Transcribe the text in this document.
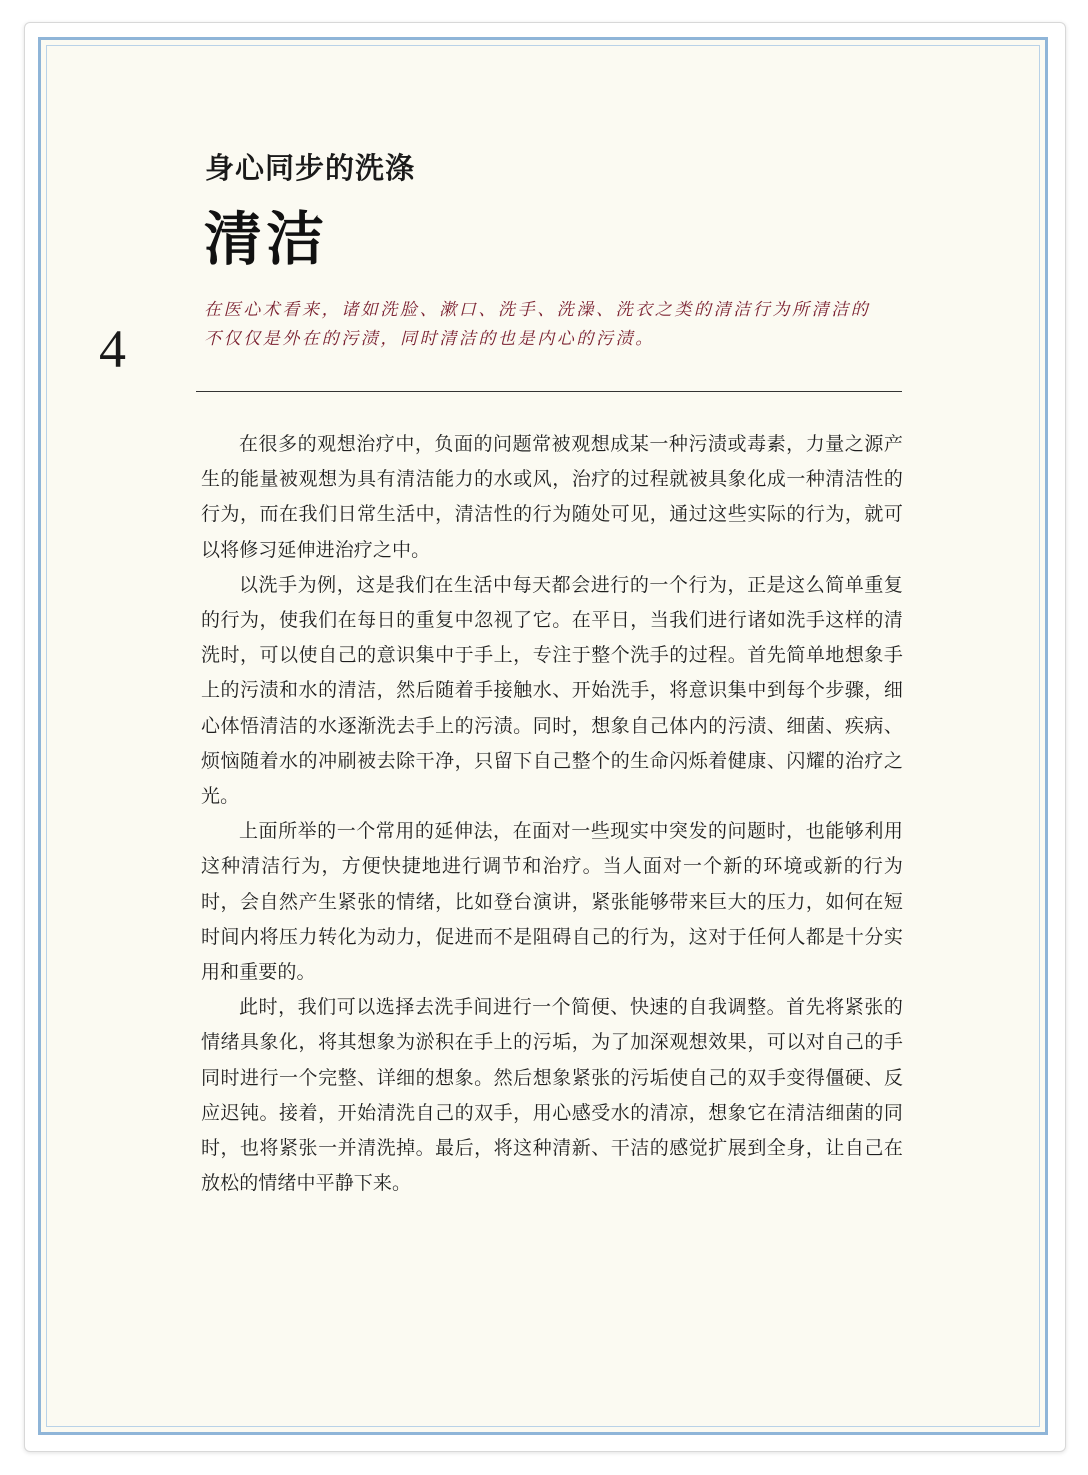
身心同步的洗涤
清洁
4

在医心术看来，诸如洗脸、漱口、洗手、洗澡、洗衣之类的清洁行为所清洁的

不仅仅是外在的污渍，同时清洁的也是内心的污渍。

在很多的观想治疗中，负面的问题常被观想成某一种污渍或毒素，力量之源产生的能量被观想为具有清洁能力的水或风，治疗的过程就被具象化成一种清洁性的行为，而在我们日常生活中，清洁性的行为随处可见，通过这些实际的行为，就可以将修习延伸进治疗之中。

以洗手为例，这是我们在生活中每天都会进行的一个行为，正是这么简单重复的行为，使我们在每日的重复中忽视了它。在平日，当我们进行诸如洗手这样的清洗时，可以使自己的意识集中于手上，专注于整个洗手的过程。首先简单地想象手上的污渍和水的清洁，然后随着手接触水、开始洗手，将意识集中到每个步骤，细心体悟清洁的水逐渐洗去手上的污渍。同时，想象自己体内的污渍、细菌、疾病、烦恼随着水的冲刷被去除干净，只留下自己整个的生命闪烁着健康、闪耀的治疗之光。

上面所举的一个常用的延伸法，在面对一些现实中突发的问题时，也能够利用这种清洁行为，方便快捷地进行调节和治疗。当人面对一个新的环境或新的行为时，会自然产生紧张的情绪，比如登台演讲，紧张能够带来巨大的压力，如何在短时间内将压力转化为动力，促进而不是阻碍自己的行为，这对于任何人都是十分实用和重要的。

此时，我们可以选择去洗手间进行一个简便、快速的自我调整。首先将紧张的情绪具象化，将其想象为淤积在手上的污垢，为了加深观想效果，可以对自己的手同时进行一个完整、详细的想象。然后想象紧张的污垢使自己的双手变得僵硬、反应迟钝。接着，开始清洗自己的双手，用心感受水的清凉，想象它在清洁细菌的同时，也将紧张一并清洗掉。最后，将这种清新、干洁的感觉扩展到全身，让自己在放松的情绪中平静下来。
